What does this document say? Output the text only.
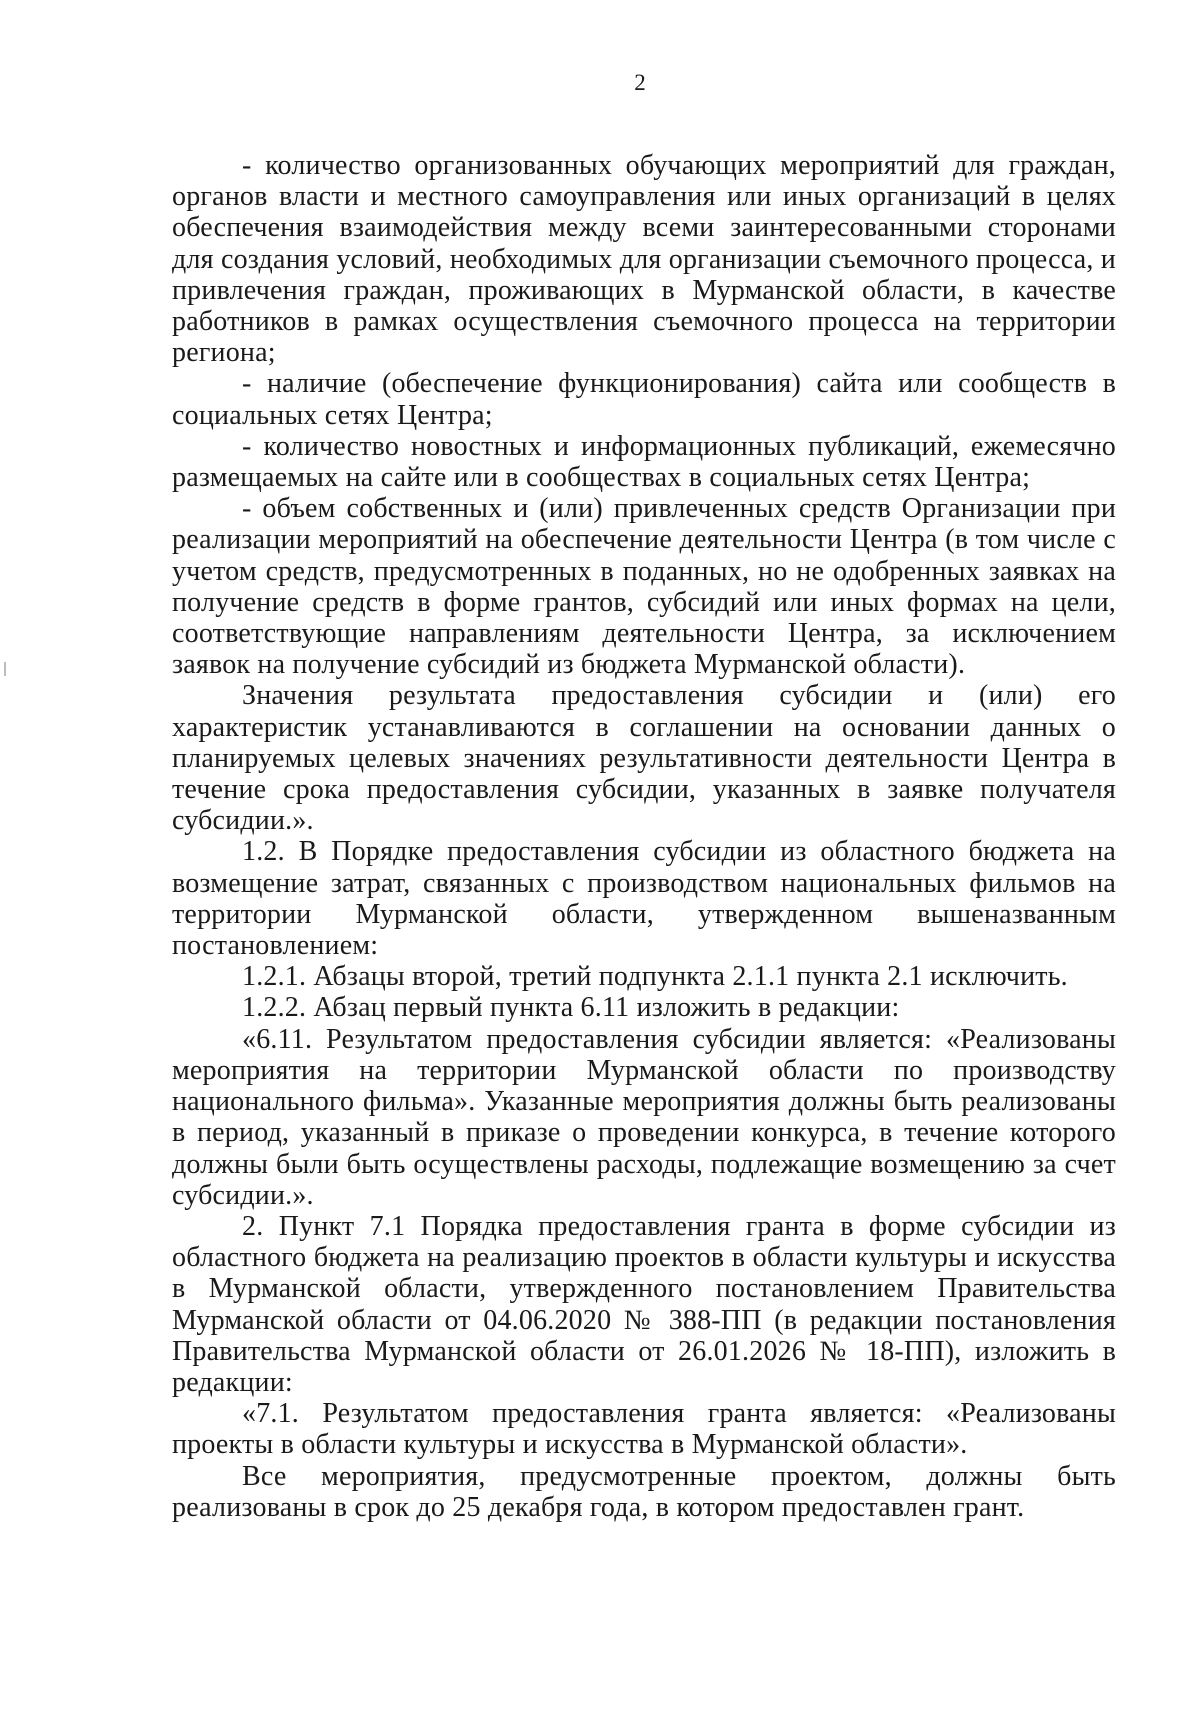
2

- количество организованных обучающих мероприятий для граждан, органов власти и местного самоуправления или иных организаций в целях обеспечения взаимодействия между всеми заинтересованными сторонами для создания условий, необходимых для организации съемочного процесса, и привлечения граждан, проживающих в Мурманской области, в качестве работников в рамках осуществления съемочного процесса на территории региона;

- наличие (обеспечение функционирования) сайта или сообществ в социальных сетях Центра;

- количество новостных и информационных публикаций, ежемесячно размещаемых на сайте или в сообществах в социальных сетях Центра;

- объем собственных и (или) привлеченных средств Организации при реализации мероприятий на обеспечение деятельности Центра (в том числе с учетом средств, предусмотренных в поданных, но не одобренных заявках на получение средств в форме грантов, субсидий или иных формах на цели, соответствующие направлениям деятельности Центра, за исключением заявок на получение субсидий из бюджета Мурманской области).

Значения результата предоставления субсидии и (или) его характеристик устанавливаются в соглашении на основании данных о планируемых целевых значениях результативности деятельности Центра в течение срока предоставления субсидии, указанных в заявке получателя субсидии.».

1.2. В Порядке предоставления субсидии из областного бюджета на возмещение затрат, связанных с производством национальных фильмов на территории Мурманской области, утвержденном вышеназванным постановлением:

1.2.1. Абзацы второй, третий подпункта 2.1.1 пункта 2.1 исключить.

1.2.2. Абзац первый пункта 6.11 изложить в редакции:

«6.11. Результатом предоставления субсидии является: «Реализованы мероприятия на территории Мурманской области по производству национального фильма». Указанные мероприятия должны быть реализованы в период, указанный в приказе о проведении конкурса, в течение которого должны были быть осуществлены расходы, подлежащие возмещению за счет субсидии.».

2. Пункт 7.1 Порядка предоставления гранта в форме субсидии из областного бюджета на реализацию проектов в области культуры и искусства в Мурманской области, утвержденного постановлением Правительства Мурманской области от 04.06.2020 № 388-ПП (в редакции постановления Правительства Мурманской области от 26.01.2026 № 18-ПП), изложить в редакции:

«7.1. Результатом предоставления гранта является: «Реализованы проекты в области культуры и искусства в Мурманской области».

Все мероприятия, предусмотренные проектом, должны быть реализованы в срок до 25 декабря года, в котором предоставлен грант.
